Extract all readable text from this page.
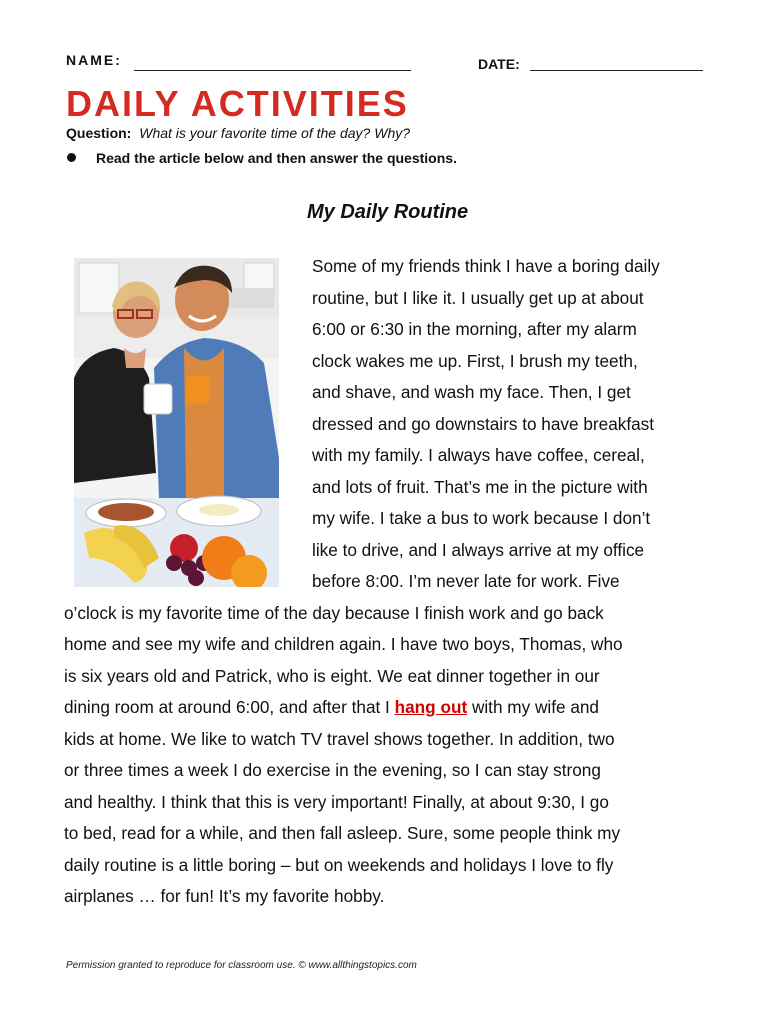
NAME:	DATE:
DAILY ACTIVITIES
Question: What is your favorite time of the day? Why?
Read the article below and then answer the questions.
My Daily Routine
Some of my friends think I have a boring daily
routine, but I like it. I usually get up at about
6:00 or 6:30 in the morning, after my alarm
clock wakes me up. First, I brush my teeth,
and shave, and wash my face. Then, I get
dressed and go downstairs to have breakfast
with my family. I always have coffee, cereal,
and lots of fruit. That’s me in the picture with
my wife. I take a bus to work because I don’t
like to drive, and I always arrive at my office
before 8:00. I’m never late for work. Five
o’clock is my favorite time of the day because I finish work and go back
home and see my wife and children again. I have two boys, Thomas, who
is six years old and Patrick, who is eight. We eat dinner together in our
dining room at around 6:00, and after that I hang out with my wife and
kids at home. We like to watch TV travel shows together. In addition, two
or three times a week I do exercise in the evening, so I can stay strong
and healthy. I think that this is very important! Finally, at about 9:30, I go
to bed, read for a while, and then fall asleep. Sure, some people think my
daily routine is a little boring – but on weekends and holidays I love to fly
airplanes … for fun! It’s my favorite hobby.
Permission granted to reproduce for classroom use. © www.allthingstopics.com
